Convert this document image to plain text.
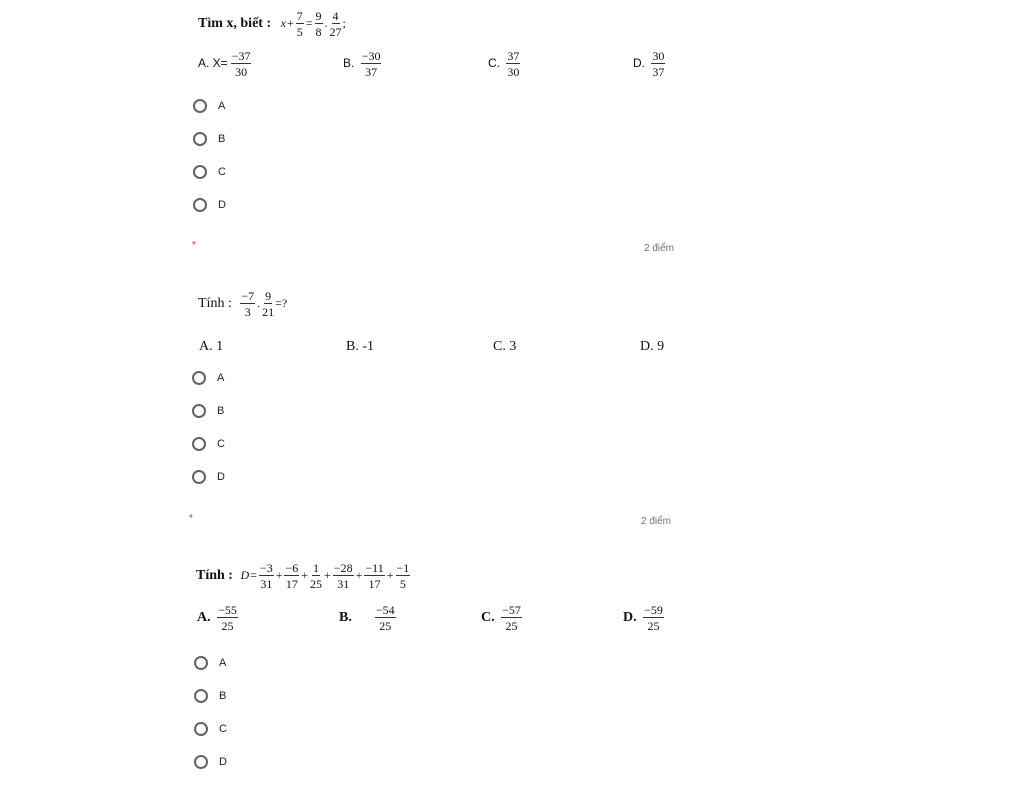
Tìm x, biết : $x+ \frac{7}{5} = \frac{9}{8}$ . $\frac{4}{27}$ ;
A. $X= \frac{-37}{30}$	B. $\frac{-30}{37}$	C. $\frac{37}{30}$	D. $\frac{30}{37}$
A
B
C
D
*	2 điểm
Tính : $\frac{-7}{3}$ . $\frac{9}{21}$ =?
A. 1	B. -1	C. 3	D. 9
A
B
C
D
*	2 điểm
Tính : $D= \frac{-3}{31} + \frac{-6}{17} + \frac{1}{25} + \frac{-28}{31} + \frac{-11}{17} + \frac{-1}{5}$
A. $\frac{-55}{25}$	B. $\frac{-54}{25}$	C. $\frac{-57}{25}$	D. $\frac{-59}{25}$
A
B
C
D
